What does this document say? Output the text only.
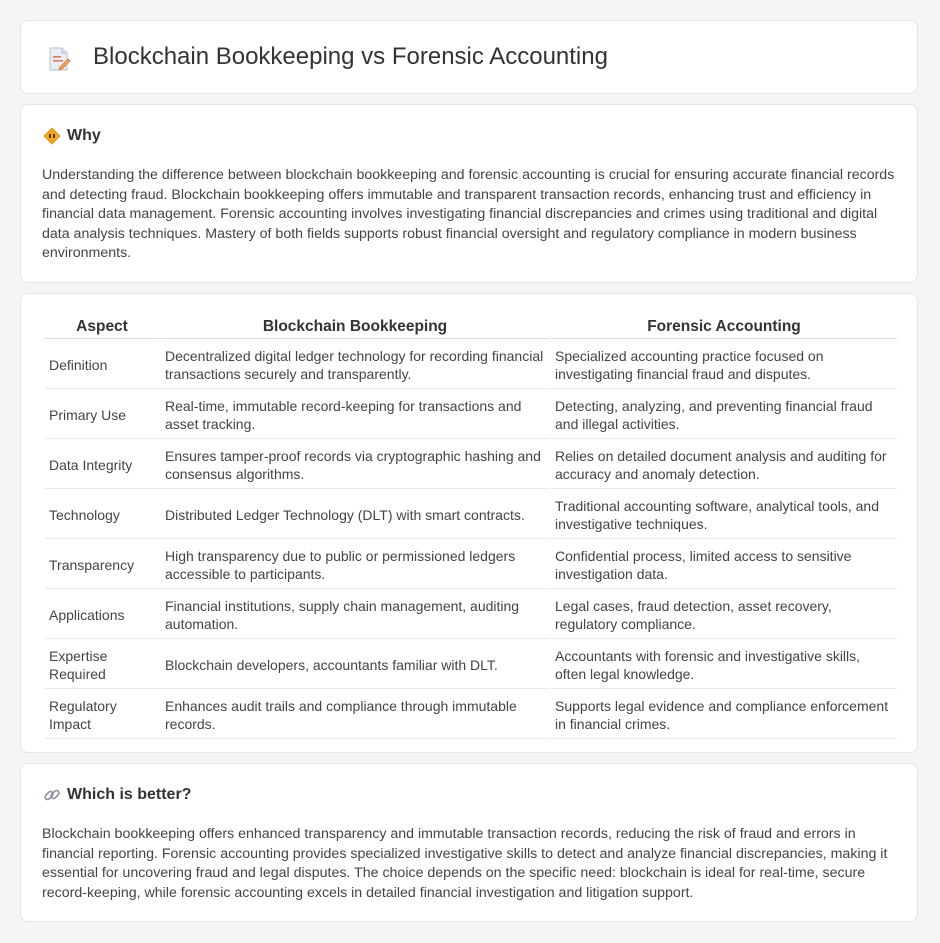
Blockchain Bookkeeping vs Forensic Accounting
Why

Understanding the difference between blockchain bookkeeping and forensic accounting is crucial for ensuring accurate financial records and detecting fraud. Blockchain bookkeeping offers immutable and transparent transaction records, enhancing trust and efficiency in financial data management. Forensic accounting involves investigating financial discrepancies and crimes using traditional and digital data analysis techniques. Mastery of both fields supports robust financial oversight and regulatory compliance in modern business environments.

Aspect	Blockchain Bookkeeping	Forensic Accounting
Definition	Decentralized digital ledger technology for recording financial transactions securely and transparently.	Specialized accounting practice focused on investigating financial fraud and disputes.
Primary Use	Real-time, immutable record-keeping for transactions and asset tracking.	Detecting, analyzing, and preventing financial fraud and illegal activities.
Data Integrity	Ensures tamper-proof records via cryptographic hashing and consensus algorithms.	Relies on detailed document analysis and auditing for accuracy and anomaly detection.
Technology	Distributed Ledger Technology (DLT) with smart contracts.	Traditional accounting software, analytical tools, and investigative techniques.
Transparency	High transparency due to public or permissioned ledgers accessible to participants.	Confidential process, limited access to sensitive investigation data.
Applications	Financial institutions, supply chain management, auditing automation.	Legal cases, fraud detection, asset recovery, regulatory compliance.
Expertise Required	Blockchain developers, accountants familiar with DLT.	Accountants with forensic and investigative skills, often legal knowledge.
Regulatory Impact	Enhances audit trails and compliance through immutable records.	Supports legal evidence and compliance enforcement in financial crimes.
Which is better?

Blockchain bookkeeping offers enhanced transparency and immutable transaction records, reducing the risk of fraud and errors in financial reporting. Forensic accounting provides specialized investigative skills to detect and analyze financial discrepancies, making it essential for uncovering fraud and legal disputes. The choice depends on the specific need: blockchain is ideal for real-time, secure record-keeping, while forensic accounting excels in detailed financial investigation and litigation support.
